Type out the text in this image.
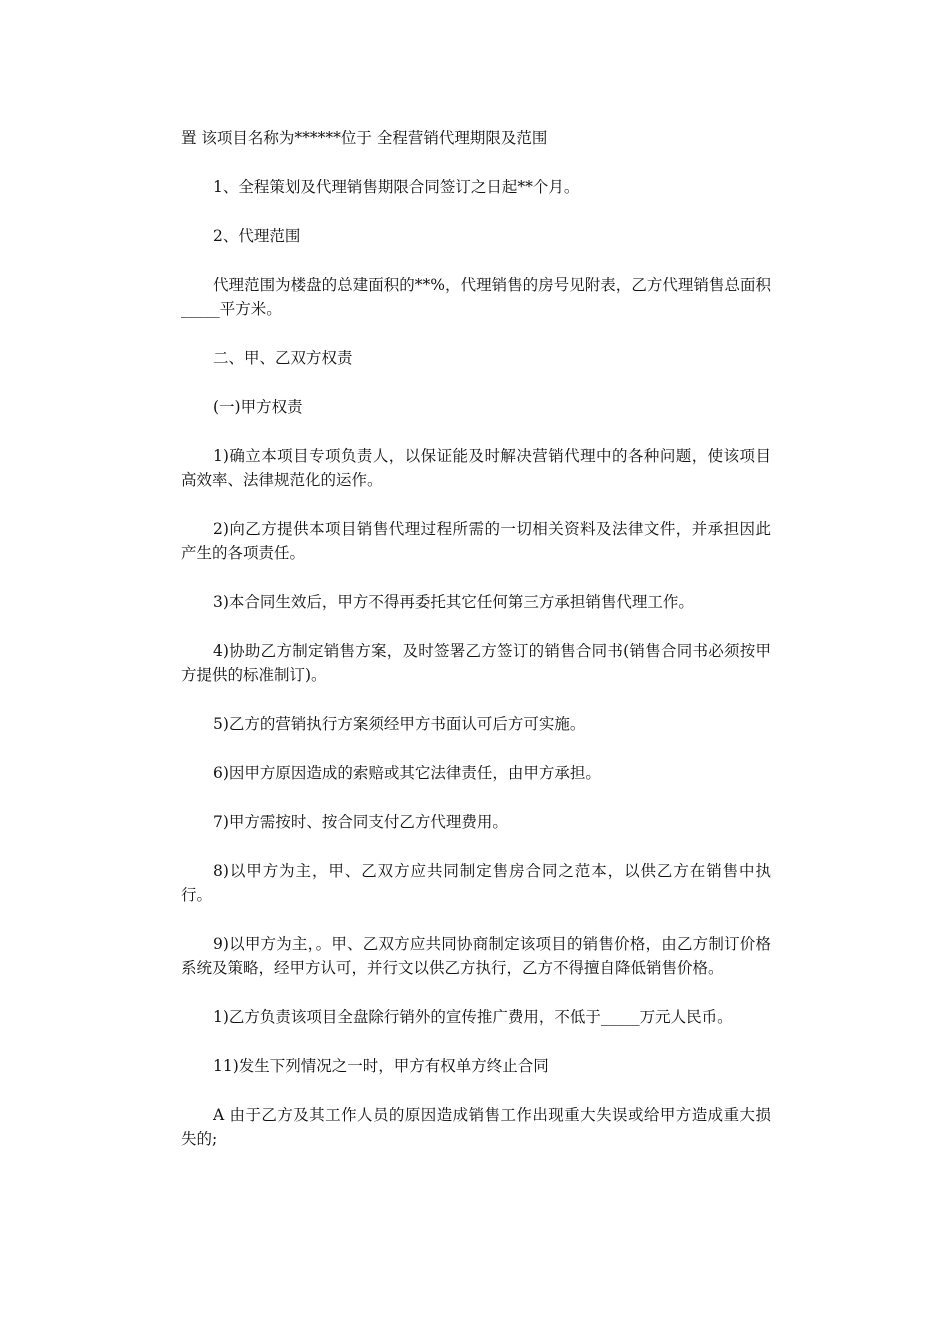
置 该项目名称为******位于 全程营销代理期限及范围

1、全程策划及代理销售期限合同签订之日起**个月。

2、代理范围

代理范围为楼盘的总建面积的**%，代理销售的房号见附表，乙方代理销售总面积 _____平方米。

二、甲、乙双方权责

(一)甲方权责

1)确立本项目专项负责人，以保证能及时解决营销代理中的各种问题，使该项目高效率、法律规范化的运作。

2)向乙方提供本项目销售代理过程所需的一切相关资料及法律文件，并承担因此产生的各项责任。

3)本合同生效后，甲方不得再委托其它任何第三方承担销售代理工作。

4)协助乙方制定销售方案，及时签署乙方签订的销售合同书(销售合同书必须按甲方提供的标准制订)。

5)乙方的营销执行方案须经甲方书面认可后方可实施。

6)因甲方原因造成的索赔或其它法律责任，由甲方承担。

7)甲方需按时、按合同支付乙方代理费用。

8)以甲方为主，甲、乙双方应共同制定售房合同之范本，以供乙方在销售中执行。

9)以甲方为主，。甲、乙双方应共同协商制定该项目的销售价格，由乙方制订价格系统及策略，经甲方认可，并行文以供乙方执行，乙方不得擅自降低销售价格。

1)乙方负责该项目全盘除行销外的宣传推广费用，不低于_____万元人民币。

11)发生下列情况之一时，甲方有权单方终止合同

A 由于乙方及其工作人员的原因造成销售工作出现重大失误或给甲方造成重大损失的;
